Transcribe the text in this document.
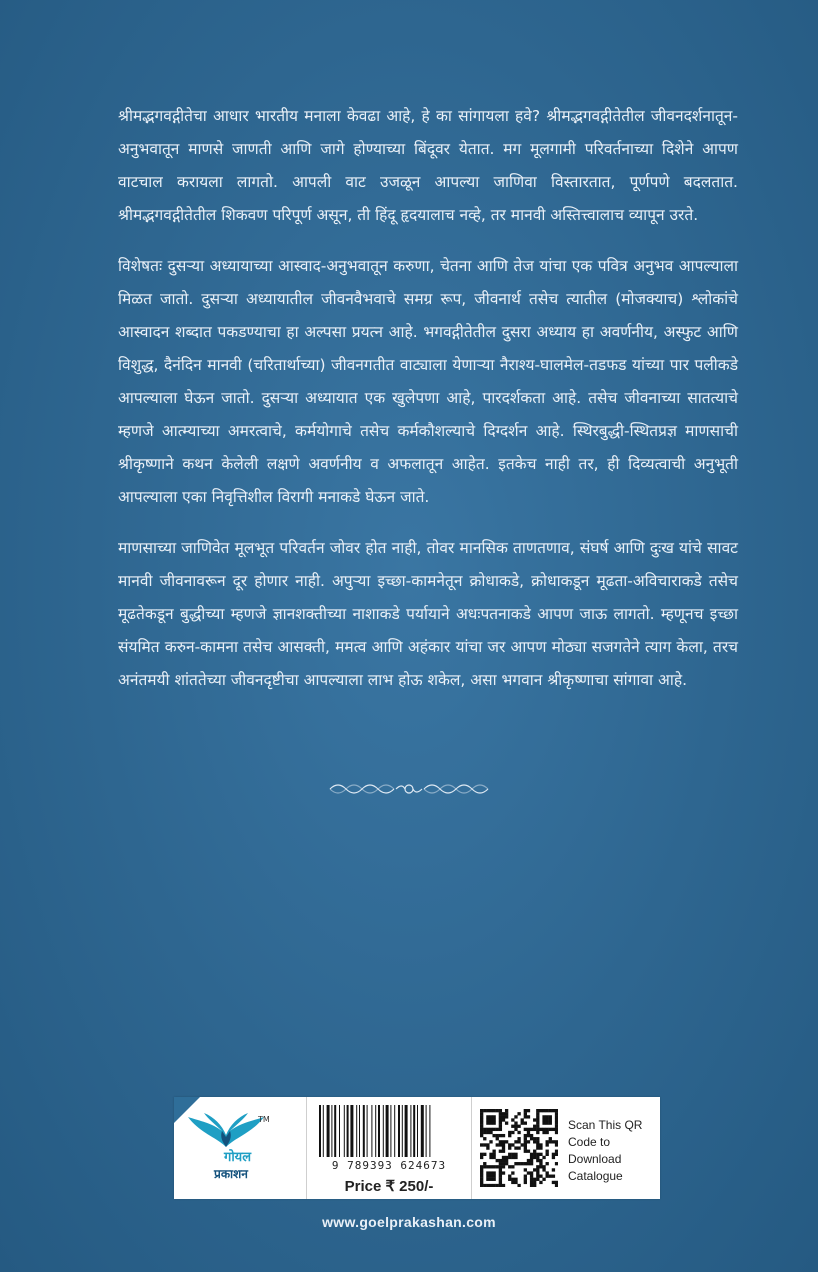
श्रीमद्भगवद्गीतेचा आधार भारतीय मनाला केवढा आहे, हे का सांगायला हवे? श्रीमद्भगवद्गीतेतील जीवनदर्शनातून-अनुभवातून माणसे जाणती आणि जागे होण्याच्या बिंदूवर येतात. मग मूलगामी परिवर्तनाच्या दिशेने आपण वाटचाल करायला लागतो. आपली वाट उजळून आपल्या जाणिवा विस्तारतात, पूर्णपणे बदलतात. श्रीमद्भगवद्गीतेतील शिकवण परिपूर्ण असून, ती हिंदू हृदयालाच नव्हे, तर मानवी अस्तित्त्वालाच व्यापून उरते.

विशेषतः दुसऱ्या अध्यायाच्या आस्वाद-अनुभवातून करुणा, चेतना आणि तेज यांचा एक पवित्र अनुभव आपल्याला मिळत जातो. दुसऱ्या अध्यायातील जीवनवैभवाचे समग्र रूप, जीवनार्थ तसेच त्यातील (मोजक्याच) श्लोकांचे आस्वादन शब्दात पकडण्याचा हा अल्पसा प्रयत्न आहे. भगवद्गीतेतील दुसरा अध्याय हा अवर्णनीय, अस्फुट आणि विशुद्ध, दैनंदिन मानवी (चरितार्थाच्या) जीवनगतीत वाट्याला येणाऱ्या नैराश्य-घालमेल-तडफड यांच्या पार पलीकडे आपल्याला घेऊन जातो. दुसऱ्या अध्यायात एक खुलेपणा आहे, पारदर्शकता आहे. तसेच जीवनाच्या सातत्याचे म्हणजे आत्म्याच्या अमरत्वाचे, कर्मयोगाचे तसेच कर्मकौशल्याचे दिग्दर्शन आहे. स्थिरबुद्धी-स्थितप्रज्ञ माणसाची श्रीकृष्णाने कथन केलेली लक्षणे अवर्णनीय व अफलातून आहेत. इतकेच नाही तर, ही दिव्यत्वाची अनुभूती आपल्याला एका निवृत्तिशील विरागी मनाकडे घेऊन जाते.

माणसाच्या जाणिवेत मूलभूत परिवर्तन जोवर होत नाही, तोवर मानसिक ताणतणाव, संघर्ष आणि दुःख यांचे सावट मानवी जीवनावरून दूर होणार नाही. अपुऱ्या इच्छा-कामनेतून क्रोधाकडे, क्रोधाकडून मूढता-अविचाराकडे तसेच मूढतेकडून बुद्धीच्या म्हणजे ज्ञानशक्तीच्या नाशाकडे पर्यायाने अधःपतनाकडे आपण जाऊ लागतो. म्हणूनच इच्छा संयमित करुन-कामना तसेच आसक्ती, ममत्व आणि अहंकार यांचा जर आपण मोठ्या सजगतेने त्याग केला, तरच अनंतमयी शांततेच्या जीवनदृष्टीचा आपल्याला लाभ होऊ शकेल, असा भगवान श्रीकृष्णाचा सांगावा आहे.

TM
गोयल
प्रकाशन
9 789393 624673
Price ₹ 250/-
Scan This QR Code to Download Catalogue
www.goelprakashan.com
